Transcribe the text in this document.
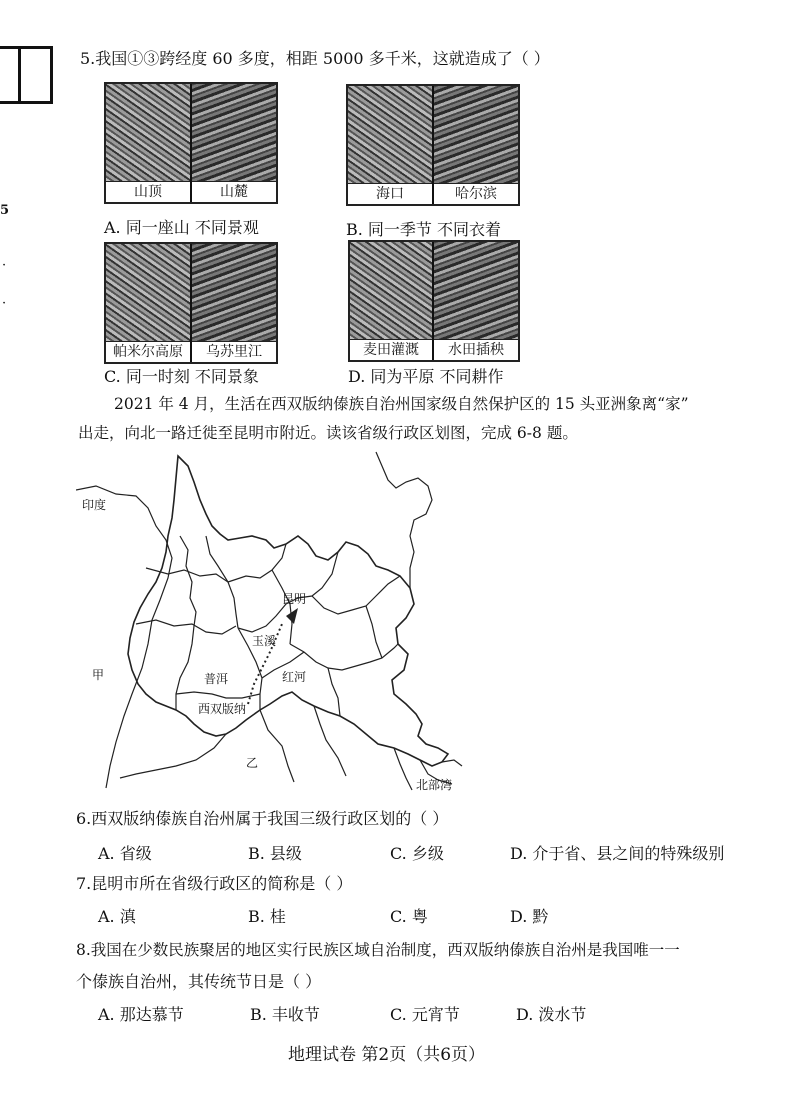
5
·
·
5.我国①③跨经度 60 多度，相距 5000 多千米，这就造成了（ ）
山顶	山麓	海口	哈尔滨
A. 同一座山 不同景观	B. 同一季节 不同衣着
帕米尔高原	乌苏里江	麦田灌溉	水田插秧
C. 同一时刻 不同景象	D. 同为平原 不同耕作
2021 年 4 月，生活在西双版纳傣族自治州国家级自然保护区的 15 头亚洲象离“家”
出走，向北一路迁徙至昆明市附近。读该省级行政区划图，完成 6-8 题。
印度
昆明
玉溪
普洱	红河
西双版纳
甲
乙
北部湾
6.西双版纳傣族自治州属于我国三级行政区划的（ ）
A. 省级	B. 县级	C. 乡级	D. 介于省、县之间的特殊级别
7.昆明市所在省级行政区的简称是（ ）
A. 滇	B. 桂	C. 粤	D. 黔
8.我国在少数民族聚居的地区实行民族区域自治制度，西双版纳傣族自治州是我国唯一一
个傣族自治州，其传统节日是（ ）
A. 那达慕节	B. 丰收节	C. 元宵节	D. 泼水节
地理试卷 第2页（共6页）
